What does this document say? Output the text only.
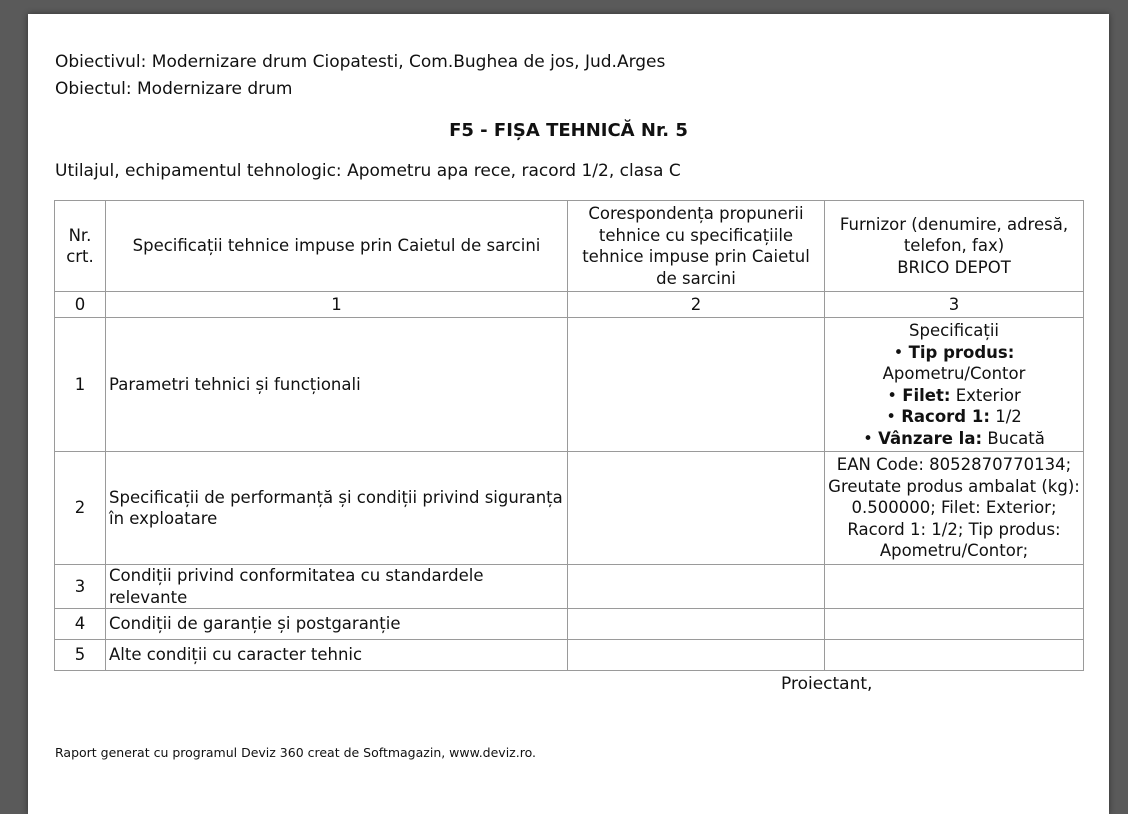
Obiectivul: Modernizare drum Ciopatesti, Com.Bughea de jos, Jud.Arges
Obiectul: Modernizare drum
F5 - FIȘA TEHNICĂ Nr. 5
Utilajul, echipamentul tehnologic: Apometru apa rece, racord 1/2, clasa C
Nr. crt.	Specificații tehnice impuse prin Caietul de sarcini	Corespondența propunerii tehnice cu specificațiile tehnice impuse prin Caietul de sarcini	Furnizor (denumire, adresă, telefon, fax)
BRICO DEPOT

0	1	2	3
1	Parametri tehnici și funcționali		Specificații
• Tip produs: Apometru/Contor
• Filet: Exterior
• Racord 1: 1/2
• Vânzare la: Bucată

2	Specificații de performanță și condiții privind siguranța în exploatare		EAN Code: 8052870770134; Greutate produs ambalat (kg): 0.500000; Filet: Exterior; Racord 1: 1/2; Tip produs: Apometru/Contor;
3	Condiții privind conformitatea cu standardele relevante		
4	Condiții de garanție și postgaranție		
5	Alte condiții cu caracter tehnic		
Proiectant,
Raport generat cu programul Deviz 360 creat de Softmagazin, www.deviz.ro.
